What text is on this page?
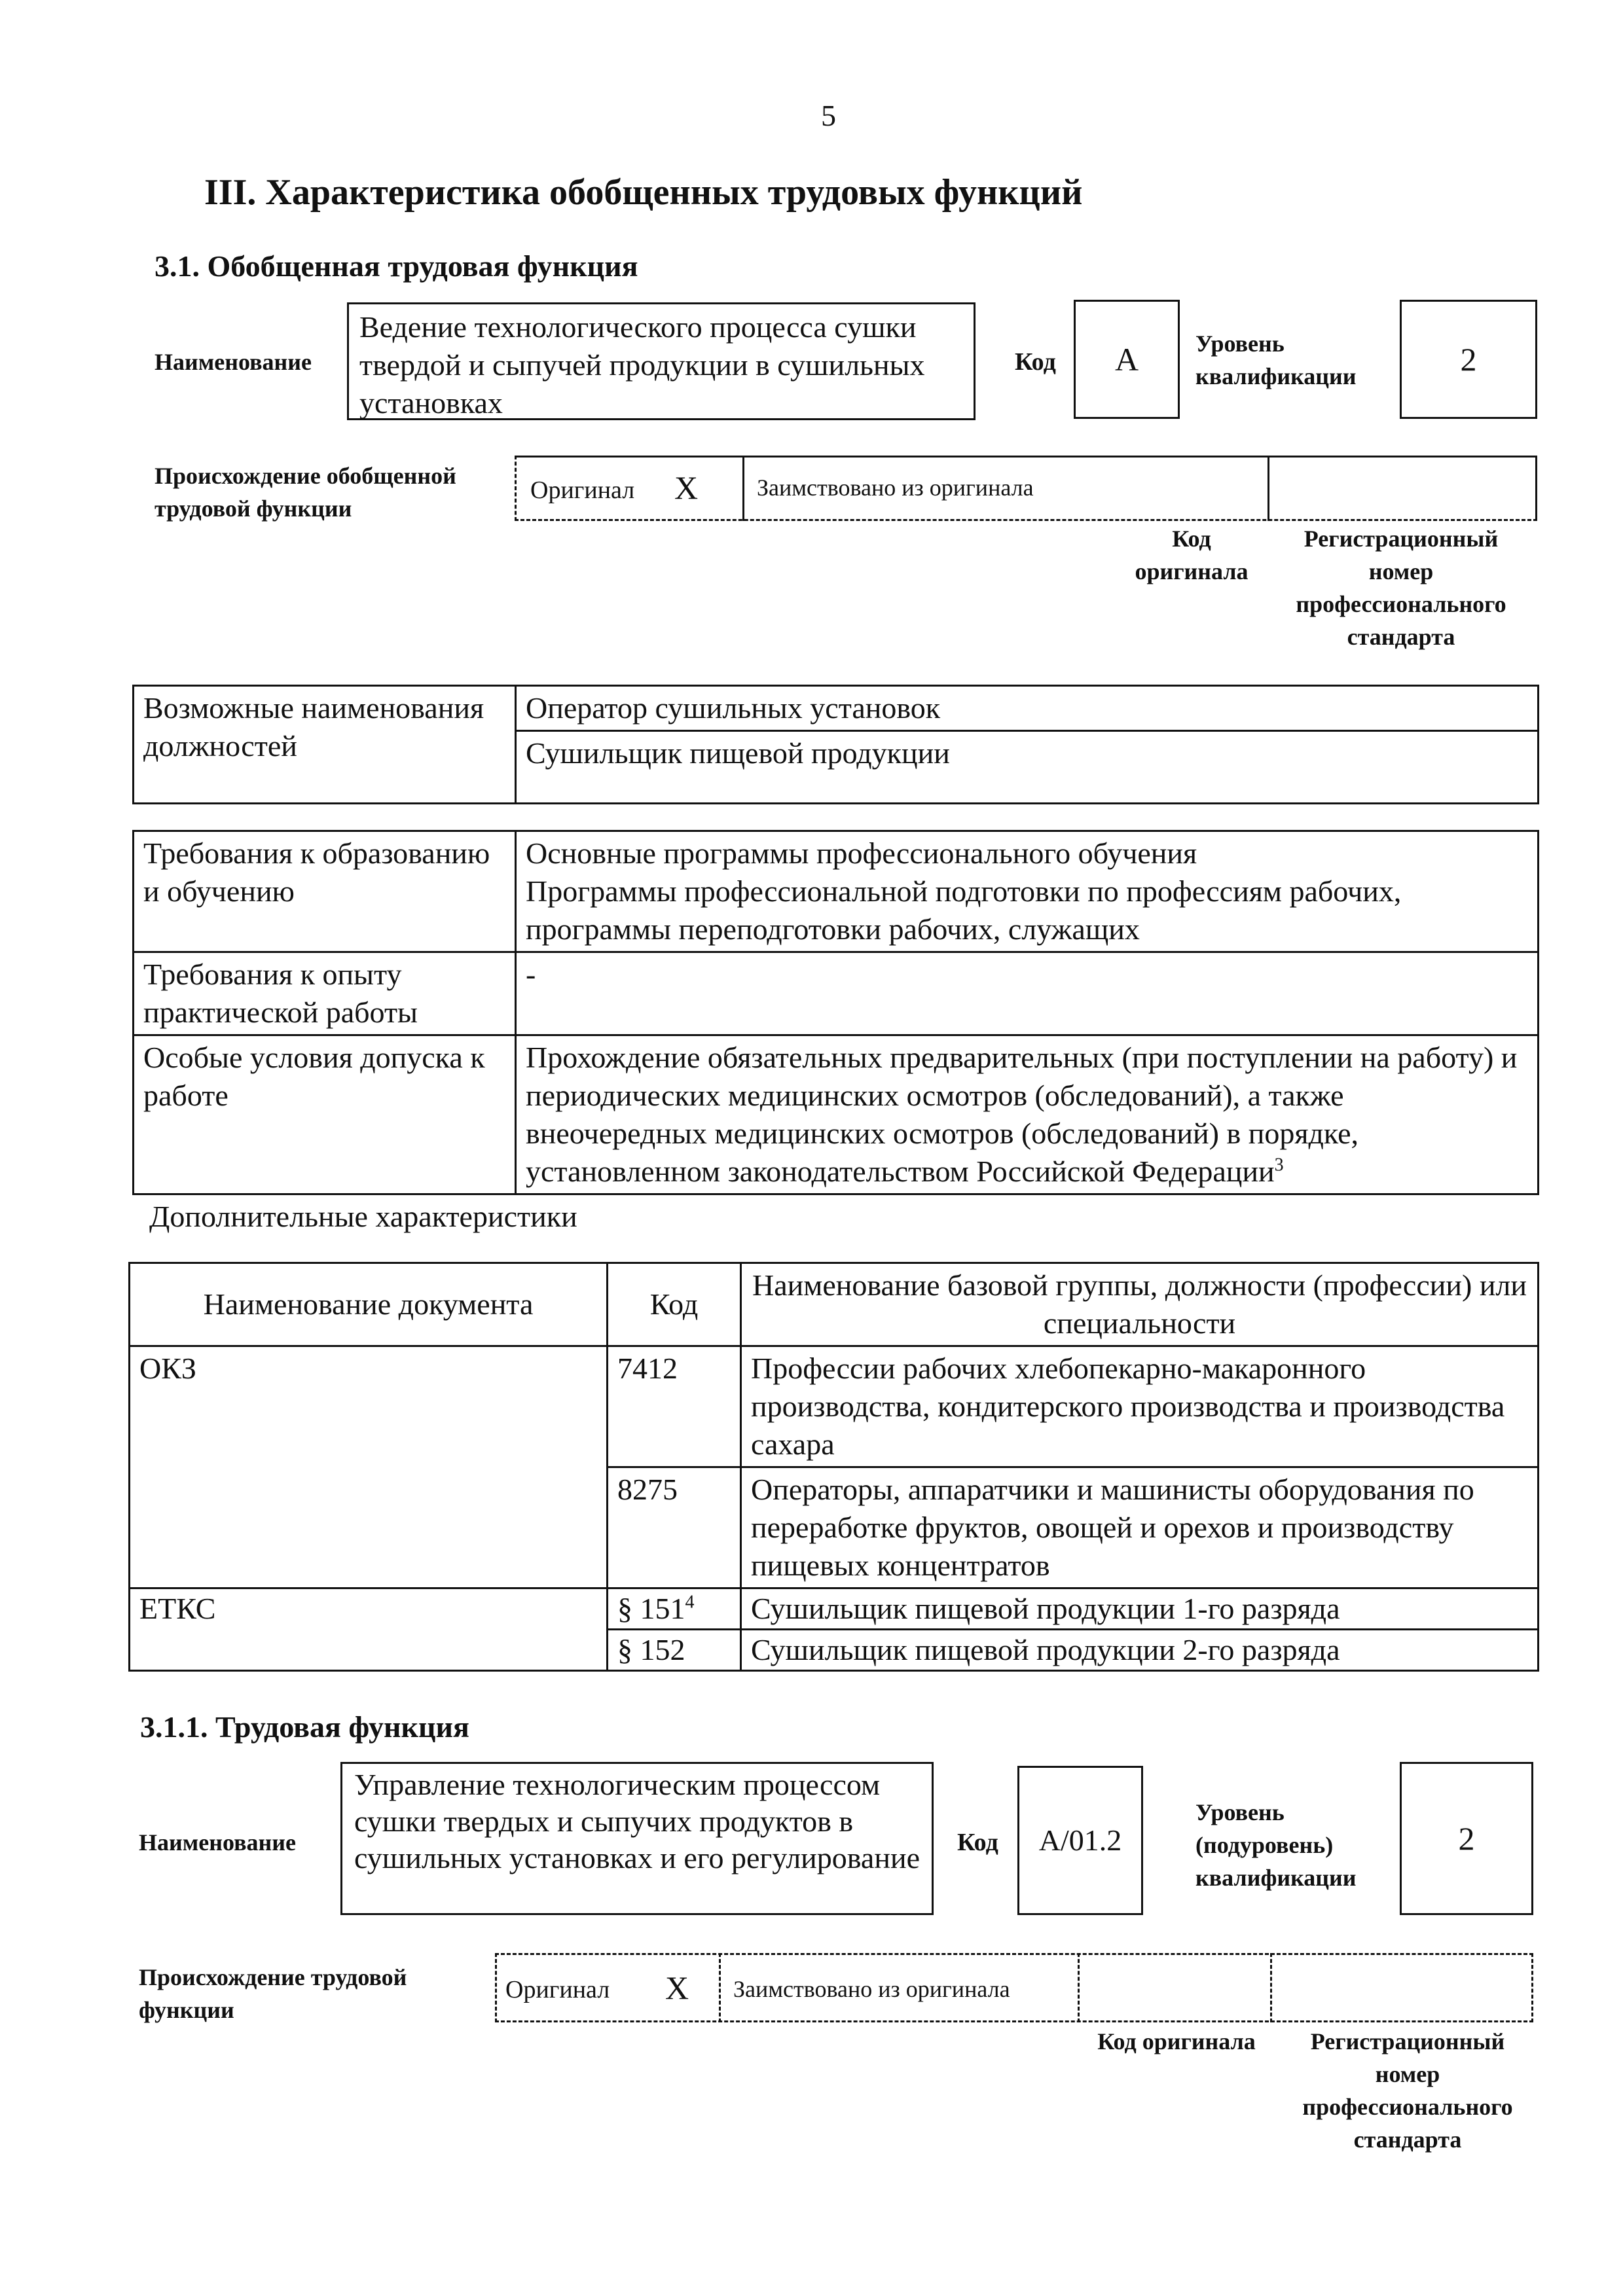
5
III. Характеристика обобщенных трудовых функций
3.1. Обобщенная трудовая функция
Наименование
Ведение технологического процесса сушки твердой и сыпучей продукции в сушильных установках
Код А Уровень квалификации	2
Происхождение обобщенной трудовой функции
Оригинал X Заимствовано из оригинала
Код оригинала
Регистрационный номер профессионального стандарта
Возможные наименования должностей	Оператор сушильных установок
Сушильщик пищевой продукции
Требования к образованию и обучению	Основные программы профессионального обучения
Программы профессиональной подготовки по профессиям рабочих, программы переподготовки рабочих, служащих

Требования к опыту практической работы	-
Особые условия допуска к работе	Прохождение обязательных предварительных (при поступлении на работу) и периодических медицинских осмотров (обследований), а также внеочередных медицинских осмотров (обследований) в порядке, установленном законодательством Российской Федерации$^3$
Дополнительные характеристики
Наименование документа	Код	Наименование базовой группы, должности (профессии) или специальности
ОКЗ	7412	Профессии рабочих хлебопекарно-макаронного производства, кондитерского производства и производства сахара
	8275	Операторы, аппаратчики и машинисты оборудования по переработке фруктов, овощей и орехов и производству пищевых концентратов
ЕТКС	§ $151^4$	Сушильщик пищевой продукции 1-го разряда
	§ 152	Сушильщик пищевой продукции 2-го разряда
3.1.1. Трудовая функция
Наименование
Управление технологическим процессом сушки твердых и сыпучих продуктов в сушильных установках и его регулирование	Код A/01.2
Уровень (подуровень) квалификации
2
Происхождение трудовой функции
Оригинал X Заимствовано из оригинала
Код оригинала	Регистрационный номер профессионального стандарта
